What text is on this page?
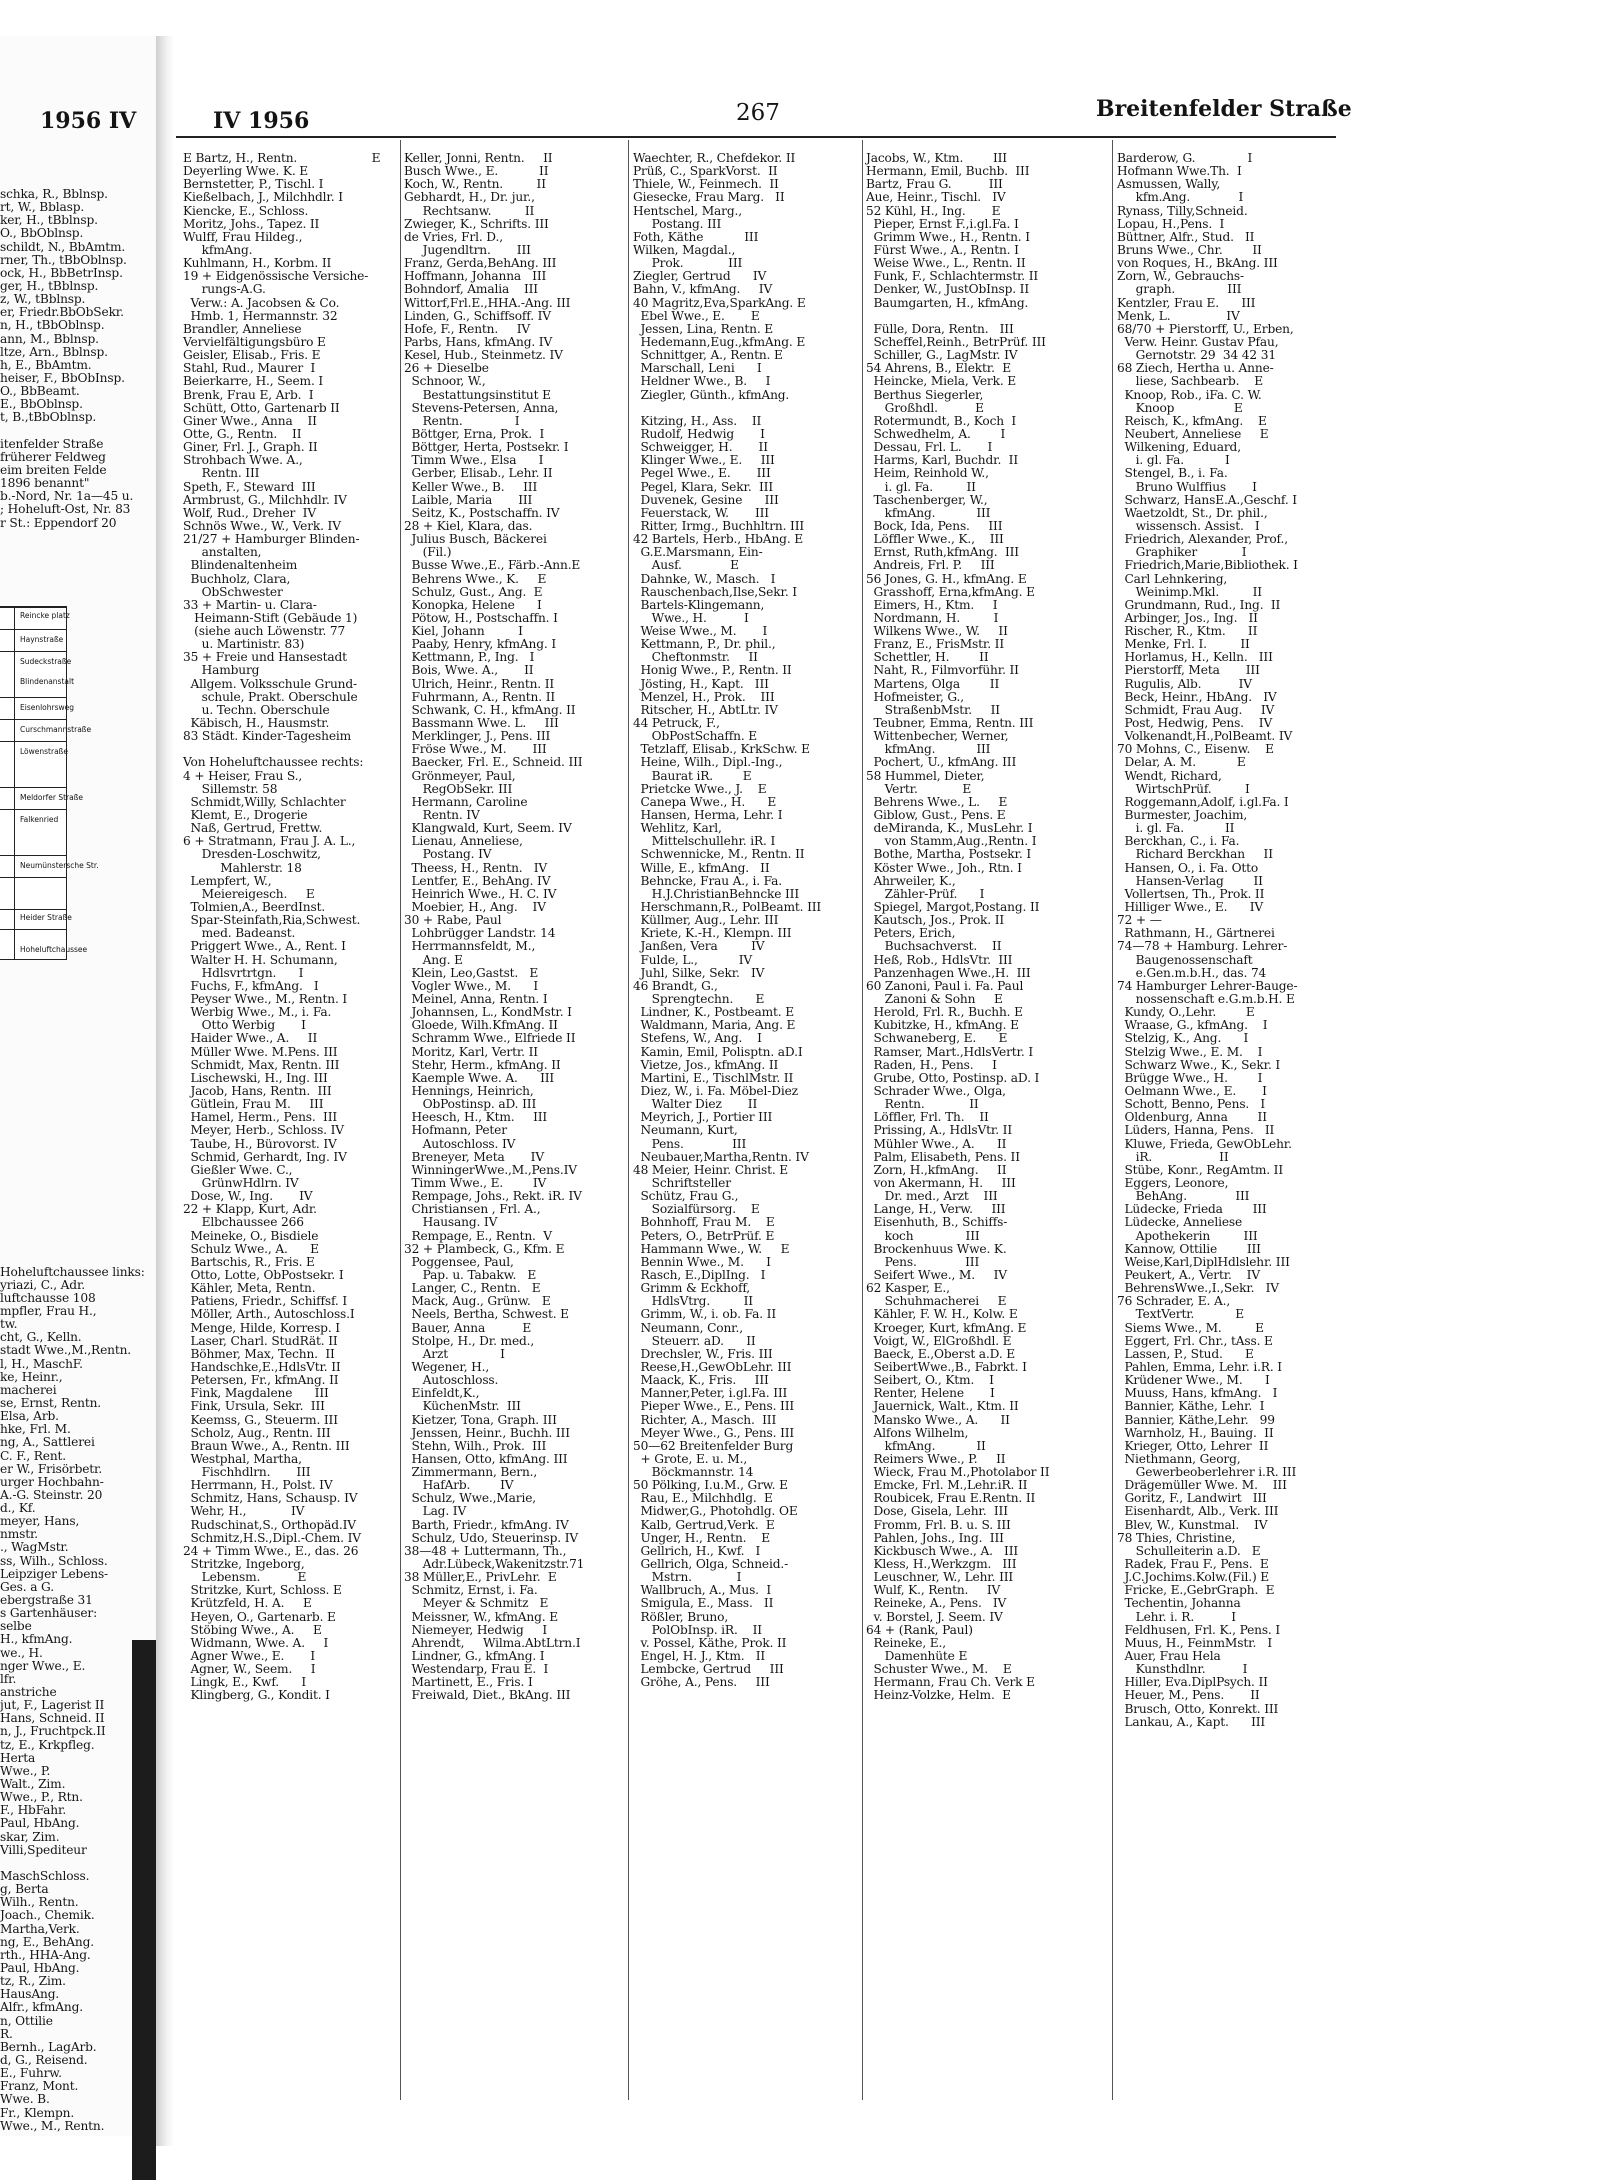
schka, R., Bblnsp.
rt, W., Bblasp.
ker, H., tBblnsp.
O., BbOblnsp.
schildt, N., BbAmtm.
rner, Th., tBbOblnsp.
ock, H., BbBetrInsp.
ger, H., tBblnsp.
z, W., tBblnsp.
er, Friedr.BbObSekr.
n, H., tBbOblnsp.
ann, M., Bblnsp.
ltze, Arn., Bblnsp.
h, E., BbAmtm.
heiser, F., BbObInsp.
O., BbBeamt.
E., BbOblnsp.
t, B.,tBbOblnsp.
itenfelder Straße
früherer Feldweg
eim breiten Felde
1896 benannt"
b.-Nord, Nr. 1a—45 u.
; Hoheluft-Ost, Nr. 83
r St.: Eppendorf 20
Hoheluftchaussee links:
yriazi, C., Adr.
luftchausse 108
mpfler, Frau H.,
tw.
cht, G., Kelln.
stadt Wwe.,M.,Rentn.
l, H., MaschF.
ke, Heinr.,
macherei
se, Ernst, Rentn.
Elsa, Arb.
hke, Frl. M.
ng, A., Sattlerei
C. F., Rent.
er W., Frisörbetr.
urger Hochbahn-
A.-G. Steinstr. 20
d., Kf.
meyer, Hans,
nmstr.
., WagMstr.
ss, Wilh., Schloss.
Leipziger Lebens-
Ges. a G.
ebergstraße 31
s Gartenhäuser:
selbe
H., kfmAng.
we., H.
nger Wwe., E.
lfr.
anstriche
jut, F., Lagerist II
Hans, Schneid. II
n, J., Fruchtpck.II
tz, E., Krkpfleg.
Herta
Wwe., P.
Walt., Zim.
Wwe., P., Rtn.
F., HbFahr.
Paul, HbAng.
skar, Zim.
Villi,Spediteur
MaschSchloss.
g, Berta
Wilh., Rentn.
Joach., Chemik.
Martha,Verk.
ng, E., BehAng.
rth., HHA-Ang.
Paul, HbAng.
tz, R., Zim.
HausAng.
Alfr., kfmAng.
n, Ottilie
R.
Bernh., LagArb.
d, G., Reisend.
E., Fuhrw.
Franz, Mont.
Wwe. B.
Fr., Klempn.
Wwe., M., Rentn.
Reincke platz
Haynstraße
Sudeckstraße
Blindenanstalt
Eisenlohrsweg
Curschmannstraße
Löwenstraße
Meldorfer Straße
Falkenried
Neumünstersche Str.
Heider Straße
Hoheluftchaussee
1956 IV	IV 1956	267	Breitenfelder Straße
E Bartz, H., Rentn.                    E
Deyerling Wwe. K. E
Bernstetter, P., Tischl. I
Kießelbach, J., Milchhdlr. I
Kiencke, E., Schloss.
Moritz, Johs., Tapez. II
Wulff, Frau Hildeg.,
kfmAng.
Kuhlmann, H., Korbm. II
19 + Eidgenössische Versiche-
rungs-A.G.
Verw.: A. Jacobsen & Co.
Hmb. 1, Hermannstr. 32
Brandler, Anneliese
Vervielfältigungsbüro E
Geisler, Elisab., Fris. E
Stahl, Rud., Maurer  I
Beierkarre, H., Seem. I
Brenk, Frau E, Arb.  I
Schütt, Otto, Gartenarb II
Giner Wwe., Anna    II
Otte, G., Rentn.    II
Giner, Frl. J., Graph. II
Strohbach Wwe. A.,
Rentn. III
Speth, F., Steward  III
Armbrust, G., Milchhdlr. IV
Wolf, Rud., Dreher  IV
Schnös Wwe., W., Verk. IV
21/27 + Hamburger Blinden-
anstalten,
Blindenaltenheim
Buchholz, Clara,
ObSchwester
33 + Martin- u. Clara-
Heimann-Stift (Gebäude 1)
(siehe auch Löwenstr. 77
u. Martinistr. 83)
35 + Freie und Hansestadt
Hamburg
Allgem. Volksschule Grund-
schule, Prakt. Oberschule
u. Techn. Oberschule
Käbisch, H., Hausmstr.
83 Städt. Kinder-Tagesheim
Von Hoheluftchaussee rechts:
4 + Heiser, Frau S.,
Sillemstr. 58
Schmidt,Willy, Schlachter
Klemt, E., Drogerie
Naß, Gertrud, Frettw.
6 + Stratmann, Frau J. A. L.,
Dresden-Loschwitz,
Mahlerstr. 18
Lempfert, W.,
Meiereigesch.     E
Tolmien,A., BeerdInst.
Spar-Steinfath,Ria,Schwest.
med. Badeanst.
Priggert Wwe., A., Rent. I
Walter H. H. Schumann,
Hdlsvrtrtgn.      I
Fuchs, F., kfmAng.   I
Peyser Wwe., M., Rentn. I
Werbig Wwe., M., i. Fa.
Otto Werbig       I
Haider Wwe., A.     II
Müller Wwe. M.Pens. III
Schmidt, Max, Rentn. III
Lischewski, H., Ing. III
Jacob, Hans, Rentn.  III
Gütlein, Frau M.     III
Hamel, Herm., Pens.  III
Meyer, Herb., Schloss. IV
Taube, H., Bürovorst. IV
Schmid, Gerhardt, Ing. IV
Gießler Wwe. C.,
GrünwHdlrn. IV
Dose, W., Ing.       IV
22 + Klapp, Kurt, Adr.
Elbchaussee 266
Meineke, O., Bisdiele
Schulz Wwe., A.      E
Bartschis, R., Fris. E
Otto, Lotte, ObPostsekr. I
Kähler, Meta, Rentn.
Patiens, Friedr., Schiffsf. I
Möller, Arth., Autoschloss.I
Menge, Hilde, Korresp. I
Laser, Charl. StudRät. II
Böhmer, Max, Techn.  II
Handschke,E.,HdlsVtr. II
Petersen, Fr., kfmAng. II
Fink, Magdalene      III
Fink, Ursula, Sekr.  III
Keemss, G., Steuerm. III
Scholz, Aug., Rentn. III
Braun Wwe., A., Rentn. III
Westphal, Martha,
Fischhdlrn.       III
Herrmann, H., Polst. IV
Schmitz, Hans, Schausp. IV
Wehr, H.,            IV
Rudschinat,S., Orthopäd.IV
Schmitz,H.S.,Dipl.-Chem. IV
24 + Timm Wwe., E., das. 26
Stritzke, Ingeborg,
Lebensm.          E
Stritzke, Kurt, Schloss. E
Krützfeld, H. A.     E
Heyen, O., Gartenarb. E
Stöbing Wwe., A.     E
Widmann, Wwe. A.     I
Agner Wwe., E.       I
Agner, W., Seem.     I
Lingk, E., Kwf.      I
Klingberg, G., Kondit. I
Keller, Jonni, Rentn.     II
Busch Wwe., E.           II
Koch, W., Rentn.         II
Gebhardt, H., Dr. jur.,
Rechtsanw.         II
Zwieger, K., Schrifts. III
de Vries, Frl. D.,
Jugendltrn.       III
Franz, Gerda,BehAng. III
Hoffmann, Johanna   III
Bohndorf, Amalia    III
Wittorf,Frl.E.,HHA.-Ang. III
Linden, G., Schiffsoff. IV
Hofe, F., Rentn.     IV
Parbs, Hans, kfmAng. IV
Kesel, Hub., Steinmetz. IV
26 + Dieselbe
Schnoor, W.,
Bestattungsinstitut E
Stevens-Petersen, Anna,
Rentn.              I
Böttger, Erna, Prok.  I
Böttger, Herta, Postsekr. I
Timm Wwe., Elsa      I
Gerber, Elisab., Lehr. II
Keller Wwe., B.     III
Laible, Maria       III
Seitz, K., Postschaffn. IV
28 + Kiel, Klara, das.
Julius Busch, Bäckerei
(Fil.)
Busse Wwe.,E., Färb.-Ann.E
Behrens Wwe., K.     E
Schulz, Gust., Ang.  E
Konopka, Helene      I
Pötow, H., Postschaffn. I
Kiel, Johann         I
Paaby, Henry, kfmAng. I
Kettmann, P., Ing.   I
Bois, Wwe. A.,       II
Ulrich, Heinr., Rentn. II
Fuhrmann, A., Rentn. II
Schwank, C. H., kfmAng. II
Bassmann Wwe. L.     III
Merklinger, J., Pens. III
Fröse Wwe., M.       III
Baecker, Frl. E., Schneid. III
Grönmeyer, Paul,
RegObSekr. III
Hermann, Caroline
Rentn. IV
Klangwald, Kurt, Seem. IV
Lienau, Anneliese,
Postang. IV
Theess, H., Rentn.   IV
Lentfer, E., BehAng. IV
Heinrich Wwe., H. C. IV
Moebier, H., Ang.    IV
30 + Rabe, Paul
Lohbrügger Landstr. 14
Herrmannsfeldt, M.,
Ang. E
Klein, Leo,Gastst.   E
Vogler Wwe., M.      I
Meinel, Anna, Rentn. I
Johannsen, L., KondMstr. I
Gloede, Wilh.KfmAng. II
Schramm Wwe., Elfriede II
Moritz, Karl, Vertr. II
Stehr, Herm., kfmAng. II
Kaemple Wwe. A.      III
Hennings, Heinrich,
ObPostinsp. aD. III
Heesch, H., Ktm.     III
Hofmann, Peter
Autoschloss. IV
Breneyer, Meta       IV
WinningerWwe.,M.,Pens.IV
Timm Wwe., E.        IV
Rempage, Johs., Rekt. iR. IV
Christiansen , Frl. A.,
Hausang. IV
Rempage, E., Rentn.  V
32 + Plambeck, G., Kfm. E
Poggensee, Paul,
Pap. u. Tabakw.   E
Langer, C., Rentn.   E
Mack, Aug., Grünw.   E
Neels, Bertha, Schwest. E
Bauer, Anna          E
Stolpe, H., Dr. med.,
Arzt              I
Wegener, H.,
Autoschloss.
Einfeldt,K.,
KüchenMstr.  III
Kietzer, Tona, Graph. III
Jenssen, Heinr., Buchh. III
Stehn, Wilh., Prok.  III
Hansen, Otto, kfmAng. III
Zimmermann, Bern.,
HafArb.        IV
Schulz, Wwe.,Marie,
Lag. IV
Barth, Friedr., kfmAng. IV
Schulz, Udo, Steuerinsp. IV
38—48 + Luttermann, Th.,
Adr.Lübeck,Wakenitzstr.71
38 Müller,E., PrivLehr.  E
Schmitz, Ernst, i. Fa.
Meyer & Schmitz   E
Meissner, W., kfmAng. E
Niemeyer, Hedwig     I
Ahrendt,     Wilma.AbtLtrn.I
Lindner, G., kfmAng. I
Westendarp, Frau E.  I
Martinett, E., Fris. I
Freiwald, Diet., BkAng. III
Waechter, R., Chefdekor. II
Prüß, C., SparkVorst.  II
Thiele, W., Feinmech.  II
Giesecke, Frau Marg.   II
Hentschel, Marg.,
Postang. III
Foth, Käthe           III
Wilken, Magdal.,
Prok.            III
Ziegler, Gertrud      IV
Bahn, V., kfmAng.     IV
40 Magritz,Eva,SparkAng. E
Ebel Wwe., E.       E
Jessen, Lina, Rentn. E
Hedemann,Eug.,kfmAng. E
Schnittger, A., Rentn. E
Marschall, Leni      I
Heldner Wwe., B.     I
Ziegler, Günth., kfmAng.
Kitzing, H., Ass.    II
Rudolf, Hedwig       I
Schweigger, H.       II
Klinger Wwe., E.     III
Pegel Wwe., E.       III
Pegel, Klara, Sekr.  III
Duvenek, Gesine      III
Feuerstack, W.       III
Ritter, Irmg., Buchhltrn. III
42 Bartels, Herb., HbAng. E
G.E.Marsmann, Ein-
Ausf.             E
Dahnke, W., Masch.   I
Rauschenbach,Ilse,Sekr. I
Bartels-Klingemann,
Wwe., H.          I
Weise Wwe., M.       I
Kettmann, P., Dr. phil.,
Cheftonmstr.     II
Honig Wwe., P., Rentn. II
Jösting, H., Kapt.   III
Menzel, H., Prok.    III
Ritscher, H., AbtLtr. IV
44 Petruck, F.,
ObPostSchaffn. E
Tetzlaff, Elisab., KrkSchw. E
Heine, Wilh., Dipl.-Ing.,
Baurat iR.        E
Prietcke Wwe., J.    E
Canepa Wwe., H.      E
Hansen, Herma, Lehr. I
Wehlitz, Karl,
Mittelschullehr. iR. I
Schwennicke, M., Rentn. II
Wille, E., kfmAng.   II
Behncke, Frau A., i. Fa.
H.J.ChristianBehncke III
Herschmann,R., PolBeamt. III
Küllmer, Aug., Lehr. III
Kriete, K.-H., Klempn. III
Janßen, Vera         IV
Fulde, L.,           IV
Juhl, Silke, Sekr.   IV
46 Brandt, G.,
Sprengtechn.      E
Lindner, K., Postbeamt. E
Waldmann, Maria, Ang. E
Stefens, W., Ang.    I
Kamin, Emil, Polisptn. aD.I
Vietze, Jos., kfmAng. II
Martini, E., TischlMstr. II
Diez, W., i. Fa. Möbel-Diez
Walter Diez       II
Meyrich, J., Portier III
Neumann, Kurt,
Pens.             III
Neubauer,Martha,Rentn. IV
48 Meier, Heinr. Christ. E
Schriftsteller
Schütz, Frau G.,
Sozialfürsorg.    E
Bohnhoff, Frau M.    E
Peters, O., BetrPrüf. E
Hammann Wwe., W.     E
Bennin Wwe., M.      I
Rasch, E.,DiplIng.   I
Grimm & Eckhoff,
HdlsVtrg.         II
Grimm, W., i. ob. Fa. II
Neumann, Conr.,
Steuerr. aD.      II
Drechsler, W., Fris. III
Reese,H.,GewObLehr. III
Maack, K., Fris.     III
Manner,Peter, i.gl.Fa. III
Pieper Wwe., E., Pens. III
Richter, A., Masch.  III
Meyer Wwe., G., Pens. III
50—62 Breitenfelder Burg
+ Grote, E. u. M.,
Böckmannstr. 14
50 Pölking, I.u.M., Grw. E
Rau, E., Milchhdlg.  E
Midwer,G., Photohdlg. OE
Kalb, Gertrud,Verk.  E
Unger, H., Rentn.    E
Gellrich, H., Kwf.   I
Gellrich, Olga, Schneid.-
Mstrn.            I
Wallbruch, A., Mus.  I
Smigula, E., Mass.   II
Rößler, Bruno,
PolObInsp. iR.    II
v. Possel, Käthe, Prok. II
Engel, H. J., Ktm.   II
Lembcke, Gertrud     III
Gröhe, A., Pens.     III
Jacobs, W., Ktm.        III
Hermann, Emil, Buchb.  III
Bartz, Frau G.          III
Aue, Heinr., Tischl.   IV
52 Kühl, H., Ing.       E
Pieper, Ernst F.,i.gl.Fa. I
Grimm Wwe., H., Rentn. I
Fürst Wwe., A., Rentn. I
Weise Wwe., L., Rentn. II
Funk, F., Schlachtermstr. II
Denker, W., JustObInsp. II
Baumgarten, H., kfmAng.
Fülle, Dora, Rentn.   III
Scheffel,Reinh., BetrPrüf. III
Schiller, G., LagMstr. IV
54 Ahrens, B., Elektr.  E
Heincke, Miela, Verk. E
Berthus Siegerler,
Großhdl.          E
Rotermundt, B., Koch  I
Schwedhelm, A.        I
Dessau, Frl. L.       I
Harms, Karl, Buchdr.  II
Heim, Reinhold W.,
i. gl. Fa.         II
Taschenberger, W.,
kfmAng.           III
Bock, Ida, Pens.     III
Löffler Wwe., K.,    III
Ernst, Ruth,kfmAng.  III
Andreis, Frl. P.     III
56 Jones, G. H., kfmAng. E
Grasshoff, Erna,kfmAng. E
Eimers, H., Ktm.     I
Nordmann, H.         I
Wilkens Wwe., W.     II
Franz, E., FrisMstr. II
Schettler, H.        II
Naht, R., Filmvorführ. II
Martens, Olga        II
Hofmeister, G.,
StraßenbMstr.     II
Teubner, Emma, Rentn. III
Wittenbecher, Werner,
kfmAng.           III
Pochert, U., kfmAng. III
58 Hummel, Dieter,
Vertr.            E
Behrens Wwe., L.     E
Giblow, Gust., Pens. E
deMiranda, K., MusLehr. I
von Stamm,Aug.,Rentn. I
Bothe, Martha, Postsekr. I
Köster Wwe., Joh., Rtn. I
Ahrweiler, K.,
Zähler-Prüf.      I
Spiegel, Margot,Postang. II
Kautsch, Jos., Prok. II
Peters, Erich,
Buchsachverst.    II
Heß, Rob., HdlsVtr.  III
Panzenhagen Wwe.,H.  III
60 Zanoni, Paul i. Fa. Paul
Zanoni & Sohn     E
Herold, Frl. R., Buchh. E
Kubitzke, H., kfmAng. E
Schwaneberg, E.      E
Ramser, Mart.,HdlsVertr. I
Raden, H., Pens.     I
Grube, Otto, Postinsp. aD. I
Schrader Wwe., Olga,
Rentn.            II
Löffler, Frl. Th.    II
Prissing, A., HdlsVtr. II
Mühler Wwe., A.      II
Palm, Elisabeth, Pens. II
Zorn, H.,kfmAng.     II
von Akermann, H.     III
Dr. med., Arzt    III
Lange, H., Verw.     III
Eisenhuth, B., Schiffs-
koch              III
Brockenhuus Wwe. K.
Pens.             III
Seifert Wwe., M.     IV
62 Kasper, E.,
Schuhmacherei     E
Kähler, F. W. H., Kolw. E
Kroeger, Kurt, kfmAng. E
Voigt, W., ElGroßhdl. E
Baeck, E.,Oberst a.D. E
SeibertWwe.,B., Fabrkt. I
Seibert, O., Ktm.    I
Renter, Helene       I
Jauernick, Walt., Ktm. II
Mansko Wwe., A.      II
Alfons Wilhelm,
kfmAng.           II
Reimers Wwe., P.     II
Wieck, Frau M.,Photolabor II
Emcke, Frl. M.,Lehr.iR. II
Roubicek, Frau E.Rentn. II
Dose, Gisela, Lehr.  III
Fromm, Frl. B. u. S. III
Pahlen, Johs., Ing.  III
Kickbusch Wwe., A.   III
Kless, H.,Werkzgm.   III
Leuschner, W., Lehr. III
Wulf, K., Rentn.     IV
Reineke, A., Pens.   IV
v. Borstel, J. Seem. IV
64 + (Rank, Paul)
Reineke, E.,
Damenhüte E
Schuster Wwe., M.    E
Hermann, Frau Ch. Verk E
Heinz-Volzke, Helm.  E
Barderow, G.              I
Hofmann Wwe.Th.  I
Asmussen, Wally,
kfm.Ang.             I
Rynass, Tilly,Schneid.
Lopau, H.,Pens.  I
Büttner, Alfr., Stud.   II
Bruns Wwe., Chr.        II
von Roques, H., BkAng. III
Zorn, W., Gebrauchs-
graph.              III
Kentzler, Frau E.      III
Menk, L.               IV
68/70 + Pierstorff, U., Erben,
Verw. Heinr. Gustav Pfau,
Gernotstr. 29  34 42 31
68 Ziech, Hertha u. Anne-
liese, Sachbearb.    E
Knoop, Rob., iFa. C. W.
Knoop                E
Reisch, K., kfmAng.    E
Neubert, Anneliese     E
Wilkening, Eduard,
i. gl. Fa.           I
Stengel, B., i. Fa.
Bruno Wulffius       I
Schwarz, HansE.A.,Geschf. I
Waetzoldt, St., Dr. phil.,
wissensch. Assist.   I
Friedrich, Alexander, Prof.,
Graphiker            I
Friedrich,Marie,Bibliothek. I
Carl Lehnkering,
Weinimp.Mkl.         II
Grundmann, Rud., Ing.  II
Arbinger, Jos., Ing.   II
Rischer, R., Ktm.      II
Menke, Frl. I.         II
Horlamus, H., Kelln.   III
Pierstorff, Meta       III
Rugulis, Alb.          IV
Beck, Heinr., HbAng.   IV
Schmidt, Frau Aug.     IV
Post, Hedwig, Pens.    IV
Volkenandt,H.,PolBeamt. IV
70 Mohns, C., Eisenw.    E
Delar, A. M.           E
Wendt, Richard,
WirtschPrüf.         I
Roggemann,Adolf, i.gl.Fa. I
Burmester, Joachim,
i. gl. Fa.           II
Berckhan, C., i. Fa.
Richard Berckhan     II
Hansen, O., i. Fa. Otto
Hansen-Verlag        II
Vollertsen, Th., Prok. II
Hilliger Wwe., E.      IV
72 + —
Rathmann, H., Gärtnerei
74—78 + Hamburg. Lehrer-
Baugenossenschaft
e.Gen.m.b.H., das. 74
74 Hamburger Lehrer-Bauge-
nossenschaft e.G.m.b.H. E
Kundy, O.,Lehr.        E
Wraase, G., kfmAng.    I
Stelzig, K., Ang.      I
Stelzig Wwe., E. M.    I
Schwarz Wwe., K., Sekr. I
Brügge Wwe., H.        I
Oelmann Wwe., E.       I
Schott, Benno, Pens.   I
Oldenburg, Anna        II
Lüders, Hanna, Pens.   II
Kluwe, Frieda, GewObLehr.
iR.                  II
Stübe, Konr., RegAmtm. II
Eggers, Leonore,
BehAng.             III
Lüdecke, Frieda        III
Lüdecke, Anneliese
Apothekerin         III
Kannow, Ottilie        III
Weise,Karl,DiplHdlslehr. III
Peukert, A., Vertr.    IV
BehrensWwe.,I.,Sekr.   IV
76 Schrader, E. A.,
TextVertr.           E
Siems Wwe., M.         E
Eggert, Frl. Chr., tAss. E
Lassen, P., Stud.      E
Pahlen, Emma, Lehr. i.R. I
Krüdener Wwe., M.      I
Muuss, Hans, kfmAng.   I
Bannier, Käthe, Lehr.  I
Bannier, Käthe,Lehr.   99
Warnholz, H., Bauing.  II
Krieger, Otto, Lehrer  II
Niethmann, Georg,
Gewerbeoberlehrer i.R. III
Drägemüller Wwe. M.    III
Goritz, F., Landwirt   III
Eisenhardt, Alb., Verk. III
Blev, W., Kunstmal.    IV
78 Thies, Christine,
Schulleiterin a.D.   E
Radek, Frau F., Pens.  E
J.C.Jochims.Kolw.(Fil.) E
Fricke, E.,GebrGraph.  E
Techentin, Johanna
Lehr. i. R.          I
Feldhusen, Frl. K., Pens. I
Muus, H., FeinmMstr.   I
Auer, Frau Hela
Kunsthdlnr.          I
Hiller, Eva.DiplPsych. II
Heuer, M., Pens.       II
Brusch, Otto, Konrekt. III
Lankau, A., Kapt.      III
